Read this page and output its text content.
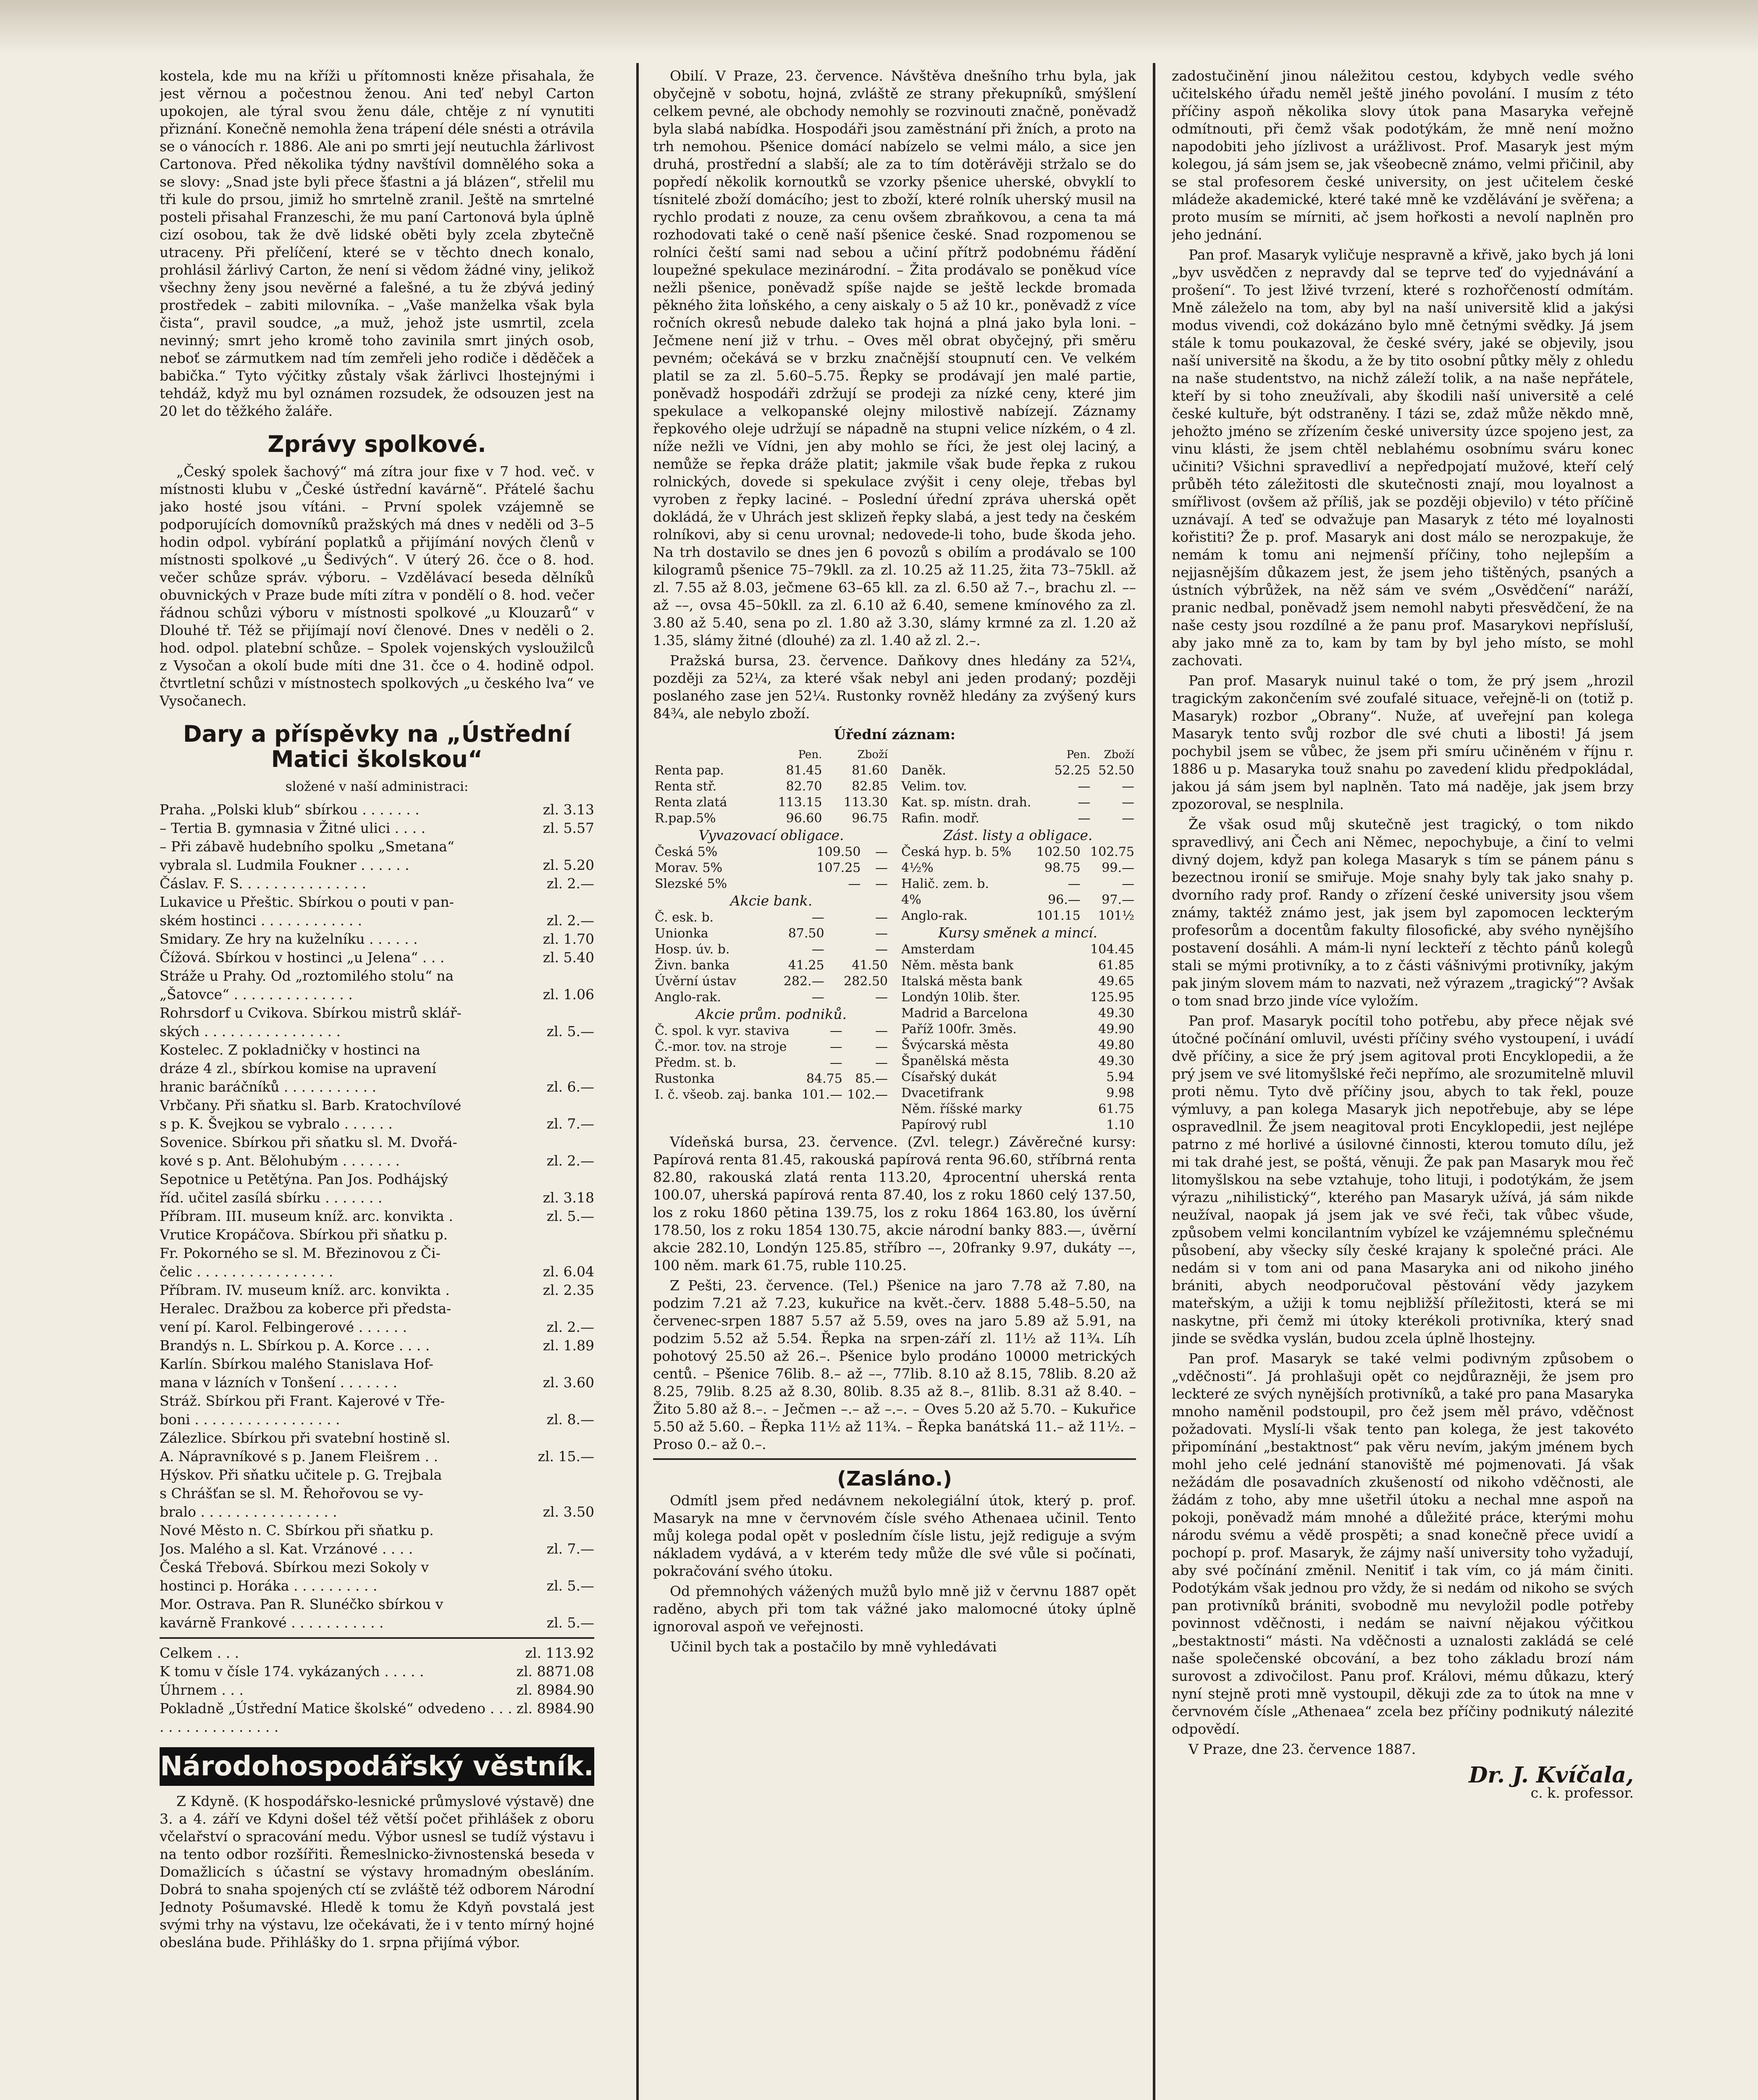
kostela, kde mu na kříži u přítomnosti kněze přisahala, že jest věrnou a počestnou ženou. Ani teď nebyl Carton upokojen, ale týral svou ženu dále, chtěje z ní vynutiti přiznání. Konečně nemohla žena trápení déle snésti a otrávila se o vánocích r. 1886. Ale ani po smrti její neutuchla žárlivost Cartonova. Před několika týdny navštívil domnělého soka a se slovy: „Snad jste byli přece šťastni a já blázen“, střelil mu tři kule do prsou, jimiž ho smrtelně zranil. Ještě na smrtelné posteli přisahal Franzeschi, že mu paní Cartonová byla úplně cizí osobou, tak že dvě lidské oběti byly zcela zbytečně utraceny. Při přelíčení, které se v těchto dnech konalo, prohlásil žárlivý Carton, že není si vědom žádné viny, jelikož všechny ženy jsou nevěrné a falešné, a tu že zbývá jediný prostředek – zabiti milovníka. – „Vaše manželka však byla čista“, pravil soudce, „a muž, jehož jste usmrtil, zcela nevinný; smrt jeho kromě toho zavinila smrt jiných osob, neboť se zármutkem nad tím zemřeli jeho rodiče i děděček a babička.“ Tyto výčitky zůstaly však žárlivci lhostejnými i tehdáž, když mu byl oznámen rozsudek, že odsouzen jest na 20 let do těžkého žaláře.

Zprávy spolkové.

„Český spolek šachový“ má zítra jour fixe v 7 hod. več. v místnosti klubu v „České ústřední kavárně“. Přátelé šachu jako hosté jsou vítáni. – První spolek vzájemně se podporujících domovníků pražských má dnes v neděli od 3–5 hodin odpol. vybírání poplatků a přijímání nových členů v místnosti spolkové „u Šedivých“. V úterý 26. čce o 8. hod. večer schůze správ. výboru. – Vzdělávací beseda dělníků obuvnických v Praze bude míti zítra v pondělí o 8. hod. večer řádnou schůzi výboru v místnosti spolkové „u Klouzarů“ v Dlouhé tř. Též se přijímají noví členové. Dnes v neděli o 2. hod. odpol. platební schůze. – Spolek vojenských vysloužilců z Vysočan a okolí bude míti dne 31. čce o 4. hodině odpol. čtvrtletní schůzi v místnostech spolkových „u českého lva“ ve Vysočanech.

Dary a příspěvky na „Ústřední Matici školskou“
složené v naší administraci:
Praha. „Polski klub“ sbírkou . . . . . . .	zl. 3.13
– Tertia B. gymnasia v Žitné ulici . . . .	zl. 5.57
– Při zábavě hudebního spolku „Smetana“
vybrala sl. Ludmila Foukner . . . . . .	zl. 5.20
Čáslav. F. S. . . . . . . . . . . . . . .	zl. 2.—
Lukavice u Přeštic. Sbírkou o pouti v pan-
ském hostinci . . . . . . . . . . . .	zl. 2.—
Smidary. Ze hry na kuželníku . . . . . .	zl. 1.70
Čížová. Sbírkou v hostinci „u Jelena“ . . .	zl. 5.40
Stráže u Prahy. Od „roztomilého stolu“ na
„Šatovce“ . . . . . . . . . . . . . .	zl. 1.06
Rohrsdorf u Cvikova. Sbírkou mistrů sklář-
ských . . . . . . . . . . . . . . . .	zl. 5.—
Kostelec. Z pokladničky v hostinci na
dráze 4 zl., sbírkou komise na upravení
hranic baráčníků . . . . . . . . . . .	zl. 6.—
Vrbčany. Při sňatku sl. Barb. Kratochvílové
s p. K. Švejkou se vybralo . . . . . .	zl. 7.—
Sovenice. Sbírkou při sňatku sl. M. Dvořá-
kové s p. Ant. Bělohubým . . . . . . .	zl. 2.—
Sepotnice u Petětýna. Pan Jos. Podhájský
říd. učitel zasílá sbírku . . . . . . .	zl. 3.18
Příbram. III. museum kníž. arc. konvikta .	zl. 5.—
Vrutice Kropáčova. Sbírkou při sňatku p.
Fr. Pokorného se sl. M. Březinovou z Či-
čelic . . . . . . . . . . . . . . . .	zl. 6.04
Příbram. IV. museum kníž. arc. konvikta .	zl. 2.35
Heralec. Dražbou za koberce při předsta-
vení pí. Karol. Felbingerové . . . . . .	zl. 2.—
Brandýs n. L. Sbírkou p. A. Korce . . . .	zl. 1.89
Karlín. Sbírkou malého Stanislava Hof-
mana v lázních v Tonšení . . . . . . .	zl. 3.60
Stráž. Sbírkou při Frant. Kajerové v Tře-
boni . . . . . . . . . . . . . . . . .	zl. 8.—
Zálezlice. Sbírkou při svatební hostině sl.
A. Nápravníkové s p. Janem Fleišrem . .	zl. 15.—
Hýskov. Při sňatku učitele p. G. Trejbala
s Chrášťan se sl. M. Řehořovou se vy-
bralo . . . . . . . . . . . . . . . .	zl. 3.50
Nové Město n. C. Sbírkou při sňatku p.
Jos. Malého a sl. Kat. Vrzánové . . . .	zl. 7.—
Česká Třebová. Sbírkou mezi Sokoly v
hostinci p. Horáka . . . . . . . . . .	zl. 5.—
Mor. Ostrava. Pan R. Slunéčko sbírkou v
kavárně Frankové . . . . . . . . . . .	zl. 5.—
Celkem . . .	zl. 113.92
K tomu v čísle 174. vykázaných . . . . .	zl. 8871.08
Úhrnem . . .	zl. 8984.90
Pokladně „Ústřední Matice školské“ odvedeno . . . . . . . . . . . . . . . . .
zl. 8984.90
Národohospodářský věstník.

Z Kdyně. (K hospodářsko-lesnické průmyslové výstavě) dne 3. a 4. září ve Kdyni došel též větší počet přihlášek z oboru včelařství o spracování medu. Výbor usnesl se tudíž výstavu i na tento odbor rozšířiti. Řemeslnicko-živnostenská beseda v Domažlicích s účastní se výstavy hromadným obesláním. Dobrá to snaha spojených ctí se zvláště též odborem Národní Jednoty Pošumavské. Hledě k tomu že Kdyň povstalá jest svými trhy na výstavu, lze očekávati, že i v tento mírný hojné obeslána bude. Přihlášky do 1. srpna přijímá výbor.

Obilí. V Praze, 23. července. Návštěva dnešního trhu byla, jak obyčejně v sobotu, hojná, zvláště ze strany překupníků, smýšlení celkem pevné, ale obchody nemohly se rozvinouti značně, poněvadž byla slabá nabídka. Hospodáři jsou zaměstnání při žních, a proto na trh nemohou. Pšenice domácí nabízelo se velmi málo, a sice jen druhá, prostřední a slabší; ale za to tím dotěrávěji stržalo se do popředí několik kornoutků se vzorky pšenice uherské, obvyklí to tísnitelé zboží domácího; jest to zboží, které rolník uherský musil na rychlo prodati z nouze, za cenu ovšem zbraňkovou, a cena ta má rozhodovati také o ceně naší pšenice české. Snad rozpomenou se rolníci čeští sami nad sebou a učiní přítrž podobnému řádění loupežné spekulace mezinárodní. – Žita prodávalo se poněkud více nežli pšenice, poněvadž spíše najde se ještě leckde bromada pěkného žita loňského, a ceny aiskaly o 5 až 10 kr., poněvadž z více ročních okresů nebude daleko tak hojná a plná jako byla loni. – Ječmene není již v trhu. – Oves měl obrat obyčejný, při směru pevném; očekává se v brzku značnější stoupnutí cen. Ve velkém platil se za zl. 5.60–5.75. Řepky se prodávají jen malé partie, poněvadž hospodáři zdržují se prodeji za nízké ceny, které jim spekulace a velkopanské olejny milostivě nabízejí. Záznamy řepkového oleje udržují se nápadně na stupni velice nízkém, o 4 zl. níže nežli ve Vídni, jen aby mohlo se říci, že jest olej laciný, a nemůže se řepka dráže platit; jakmile však bude řepka z rukou rolnických, dovede si spekulace zvýšit i ceny oleje, třebas byl vyroben z řepky laciné. – Poslední úřední zpráva uherská opět dokládá, že v Uhrách jest sklizeň řepky slabá, a jest tedy na českém rolníkovi, aby si cenu urovnal; nedovede-li toho, bude škoda jeho. Na trh dostavilo se dnes jen 6 povozů s obilím a prodávalo se 100 kilogramů pšenice 75–79kll. za zl. 10.25 až 11.25, žita 73–75kll. až zl. 7.55 až 8.03, ječmene 63–65 kll. za zl. 6.50 až 7.–, brachu zl. –– až ––, ovsa 45–50kll. za zl. 6.10 až 6.40, semene kmínového za zl. 3.80 až 5.40, sena po zl. 1.80 až 3.30, slámy krmné za zl. 1.20 až 1.35, slámy žitné (dlouhé) za zl. 1.40 až zl. 2.–.

Pražská bursa, 23. července. Daňkovy dnes hledány za 52¼, později za 52¼, za které však nebyl ani jeden prodaný; později poslaného zase jen 52¼. Rustonky rovněž hledány za zvýšený kurs 84¾, ale nebylo zboží.

Úřední záznam:
	Pen.	Zboží
Renta pap.	81.45	81.60
Renta stř.	82.70	82.85
Renta zlatá	113.15	113.30
R.pap.5%	96.60	96.75
Vyvazovací obligace.
Česká 5%	109.50	—
Morav. 5%	107.25	—
Slezské 5%	—	—
Akcie bank.
Č. esk. b.	—	—
Unionka	87.50	—
Hosp. úv. b.	—	—
Živn. banka	41.25	41.50
Úvěrní ústav	282.—	282.50
Anglo-rak.	—	—
Akcie prům. podniků.
Č. spol. k vyr. staviva	—	—
Č.-mor. tov. na stroje	—	—
Předm. st. b.	—	—
Rustonka	84.75	85.—
I. č. všeob. zaj. banka	101.—	102.—
	Pen.	Zboží
Daněk.	52.25	52.50
Velim. tov.	—	—
Kat. sp. místn. drah.	—	—
Rafin. modř.	—	—
Zást. listy a obligace.
Česká hyp. b. 5%	102.50	102.75
4½%	98.75	99.—
Halič. zem. b.	—	—
4%	96.—	97.—
Anglo-rak.	101.15	101½
Kursy směnek a mincí.
Amsterdam	104.45
Něm. města bank	61.85
Italská města bank	49.65
Londýn 10lib. šter.	125.95
Madrid a Barcelona	49.30
Paříž 100fr. 3měs.	49.90
Švýcarská města	49.80
Španělská města	49.30
Císařský dukát	5.94
Dvacetifrank	9.98
Něm. říšské marky	61.75
Papírový rubl	1.10

Vídeňská bursa, 23. července. (Zvl. telegr.) Závěrečné kursy: Papírová renta 81.45, rakouská papírová renta 96.60, stříbrná renta 82.80, rakouská zlatá renta 113.20, 4procentní uherská renta 100.07, uherská papírová renta 87.40, los z roku 1860 celý 137.50, los z roku 1860 pětina 139.75, los z roku 1864 163.80, los úvěrní 178.50, los z roku 1854 130.75, akcie národní banky 883.—, úvěrní akcie 282.10, Londýn 125.85, stříbro ––, 20franky 9.97, dukáty ––, 100 něm. mark 61.75, ruble 110.25.

Z Pešti, 23. července. (Tel.) Pšenice na jaro 7.78 až 7.80, na podzim 7.21 až 7.23, kukuřice na květ.-červ. 1888 5.48–5.50, na červenec-srpen 1887 5.57 až 5.59, oves na jaro 5.89 až 5.91, na podzim 5.52 až 5.54. Řepka na srpen-září zl. 11½ až 11¾. Líh pohotový 25.50 až 26.–. Pšenice bylo prodáno 10000 metrických centů. – Pšenice 76lib. 8.– až ––, 77lib. 8.10 až 8.15, 78lib. 8.20 až 8.25, 79lib. 8.25 až 8.30, 80lib. 8.35 až 8.–, 81lib. 8.31 až 8.40. – Žito 5.80 až 8.–. – Ječmen –.– až –.–. – Oves 5.20 až 5.70. – Kukuřice 5.50 až 5.60. – Řepka 11½ až 11¾. – Řepka banátská 11.– až 11½. – Proso 0.– až 0.–.

(Zasláno.)

Odmítl jsem před nedávnem nekolegiální útok, který p. prof. Masaryk na mne v červnovém čísle svého Athenaea učinil. Tento můj kolega podal opět v posledním čísle listu, jejž rediguje a svým nákladem vydává, a v kterém tedy může dle své vůle si počínati, pokračování svého útoku.

Od přemnohých vážených mužů bylo mně již v červnu 1887 opět raděno, abych při tom tak vážné jako malomocné útoky úplně ignoroval aspoň ve veřejnosti.

Učinil bych tak a postačilo by mně vyhledávati

zadostučinění jinou náležitou cestou, kdybych vedle svého učitelského úřadu neměl ještě jiného povolání. I musím z této příčiny aspoň několika slovy útok pana Masaryka veřejně odmítnouti, při čemž však podotýkám, že mně není možno napodobiti jeho jízlivost a urážlivost. Prof. Masaryk jest mým kolegou, já sám jsem se, jak všeobecně známo, velmi přičinil, aby se stal profesorem české university, on jest učitelem české mládeže akademické, které také mně ke vzdělávání je svěřena; a proto musím se mírniti, ač jsem hořkosti a nevolí naplněn pro jeho jednání.

Pan prof. Masaryk vyličuje nespravně a křivě, jako bych já loni „byv usvědčen z nepravdy dal se teprve teď do vyjednávání a prošení“. To jest lživé tvrzení, které s rozhořčeností odmítám. Mně záleželo na tom, aby byl na naší universitě klid a jakýsi modus vivendi, což dokázáno bylo mně četnými svědky. Já jsem stále k tomu poukazoval, že české svéry, jaké se objevily, jsou naší universitě na škodu, a že by tito osobní půtky měly z ohledu na naše studentstvo, na nichž záleží tolik, a na naše nepřátele, kteří by si toho zneužívali, aby škodili naší universitě a celé české kultuře, být odstraněny. I tázi se, zdaž může někdo mně, jehožto jméno se zřízením české university úzce spojeno jest, za vinu klásti, že jsem chtěl neblahému osobnímu sváru konec učiniti? Všichni spravedliví a nepředpojatí mužové, kteří celý průběh této záležitosti dle skutečnosti znají, mou loyalnost a smířlivost (ovšem až příliš, jak se později objevilo) v této příčině uznávají. A teď se odvažuje pan Masaryk z této mé loyalnosti kořistiti? Že p. prof. Masaryk ani dost málo se nerozpakuje, že nemám k tomu ani nejmenší příčiny, toho nejlepším a nejjasnějším důkazem jest, že jsem jeho tištěných, psaných a ústních výbrůžek, na něž sám ve svém „Osvědčení“ naráží, pranic nedbal, poněvadž jsem nemohl nabyti přesvědčení, že na naše cesty jsou rozdílné a že panu prof. Masarykovi nepřísluší, aby jako mně za to, kam by tam by byl jeho místo, se mohl zachovati.

Pan prof. Masaryk nuinul také o tom, že prý jsem „hrozil tragickým zakončením své zoufalé situace, veřejně-li on (totiž p. Masaryk) rozbor „Obrany“. Nuže, ať uveřejní pan kolega Masaryk tento svůj rozbor dle své chuti a libosti! Já jsem pochybil jsem se vůbec, že jsem při smíru učiněném v říjnu r. 1886 u p. Masaryka touž snahu po zavedení klidu předpokládal, jakou já sám jsem byl naplněn. Tato má naděje, jak jsem brzy zpozoroval, se nesplnila.

Že však osud můj skutečně jest tragický, o tom nikdo spravedlivý, ani Čech ani Němec, nepochybuje, a činí to velmi divný dojem, když pan kolega Masaryk s tím se pánem pánu s bezectnou ironií se smiřuje. Moje snahy byly tak jako snahy p. dvorního rady prof. Randy o zřízení české university jsou všem známy, taktéž známo jest, jak jsem byl zapomocen leckterým profesorům a docentům fakulty filosofické, aby svého nynějšího postavení dosáhli. A mám-li nyní leckteří z těchto pánů kolegů stali se mými protivníky, a to z části vášnivými protivníky, jakým pak jiným slovem mám to nazvati, než výrazem „tragický“? Avšak o tom snad brzo jinde více vyložím.

Pan prof. Masaryk pocítil toho potřebu, aby přece nějak své útočné počínání omluvil, uvésti příčiny svého vystoupení, i uvádí dvě příčiny, a sice že prý jsem agitoval proti Encyklopedii, a že prý jsem ve své litomyšlské řeči nepřímo, ale srozumitelně mluvil proti němu. Tyto dvě příčiny jsou, abych to tak řekl, pouze výmluvy, a pan kolega Masaryk jich nepotřebuje, aby se lépe ospravedlnil. Že jsem neagitoval proti Encyklopedii, jest nejlépe patrno z mé horlivé a úsilovné činnosti, kterou tomuto dílu, jež mi tak drahé jest, se poštá, věnuji. Že pak pan Masaryk mou řeč litomyšlskou na sebe vztahuje, toho lituji, i podotýkám, že jsem výrazu „nihilistický“, kterého pan Masaryk užívá, já sám nikde neužíval, naopak já jsem jak ve své řeči, tak vůbec všude, způsobem velmi koncilantním vybízel ke vzájemnému splečnému působení, aby všecky síly české krajany k společné práci. Ale nedám si v tom ani od pana Masaryka ani od nikoho jiného brániti, abych neodporučoval pěstování vědy jazykem mateřským, a užiji k tomu nejbližší příležitosti, která se mi naskytne, při čemž mi útoky kterékoli protivníka, který snad jinde se svědka vyslán, budou zcela úplně lhostejny.

Pan prof. Masaryk se také velmi podivným způsobem o „vděčnosti“. Já prohlašuji opět co nejdůrazněji, že jsem pro leckteré ze svých nynějších protivníků, a také pro pana Masaryka mnoho naměnil podstoupil, pro čež jsem měl právo, vděčnost požadovati. Myslí-li však tento pan kolega, že jest takovéto připomínání „bestaktnost“ pak věru nevím, jakým jménem bych mohl jeho celé jednání stanoviště mé pojmenovati. Já však nežádám dle posavadních zkušeností od nikoho vděčnosti, ale žádám z toho, aby mne ušetřil útoku a nechal mne aspoň na pokoji, poněvadž mám mnohé a důležité práce, kterými mohu národu svému a vědě prospěti; a snad konečně přece uvidí a pochopí p. prof. Masaryk, že zájmy naší university toho vyžadují, aby své počínání změnil. Nenitiť i tak vím, co já mám činiti. Podotýkám však jednou pro vždy, že si nedám od nikoho se svých pan protivníků brániti, svobodně mu nevyložil podle potřeby povinnost vděčnosti, i nedám se naivní nějakou výčitkou „bestaktnosti“ másti. Na vděčnosti a uznalosti zakládá se celé naše společenské obcování, a bez toho základu brozí nám surovost a zdivočilost. Panu prof. Královi, mému důkazu, který nyní stejně proti mně vystoupil, děkuji zde za to útok na mne v červnovém čísle „Athenaea“ zcela bez příčiny podnikutý nálezité odpovědí.

V Praze, dne 23. července 1887.

Dr. J. Kvíčala,
c. k. professor.
